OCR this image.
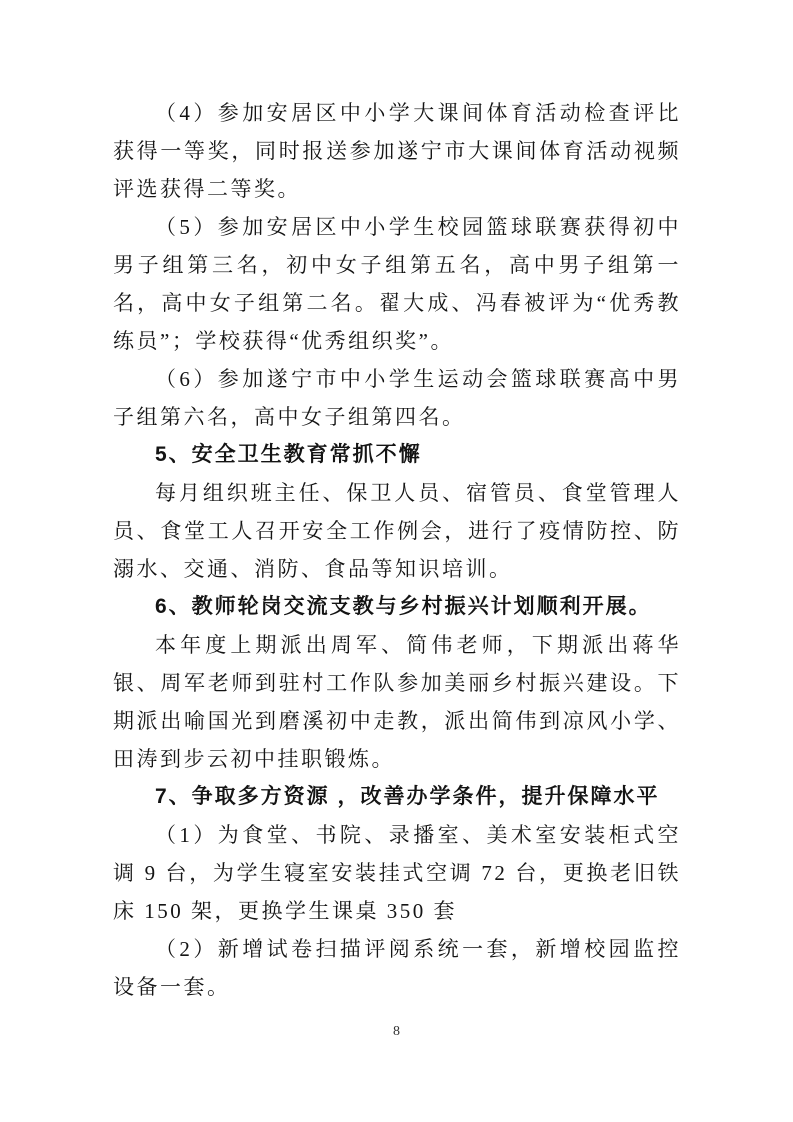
（4）参加安居区中小学大课间体育活动检查评比获得一等奖，同时报送参加遂宁市大课间体育活动视频评选获得二等奖。

（5）参加安居区中小学生校园篮球联赛获得初中男子组第三名，初中女子组第五名，高中男子组第一名，高中女子组第二名。翟大成、冯春被评为“优秀教练员”；学校获得“优秀组织奖”。

（6）参加遂宁市中小学生运动会篮球联赛高中男子组第六名，高中女子组第四名。

5、安全卫生教育常抓不懈

每月组织班主任、保卫人员、宿管员、食堂管理人员、食堂工人召开安全工作例会，进行了疫情防控、防溺水、交通、消防、食品等知识培训。

6、教师轮岗交流支教与乡村振兴计划顺利开展。

本年度上期派出周军、简伟老师，下期派出蒋华银、周军老师到驻村工作队参加美丽乡村振兴建设。下期派出喻国光到磨溪初中走教，派出简伟到凉风小学、田涛到步云初中挂职锻炼。

7、争取多方资源 ，改善办学条件，提升保障水平

（1）为食堂、书院、录播室、美术室安装柜式空调 9 台，为学生寝室安装挂式空调 72 台，更换老旧铁床 150 架，更换学生课桌 350 套

（2）新增试卷扫描评阅系统一套，新增校园监控设备一套。

8
